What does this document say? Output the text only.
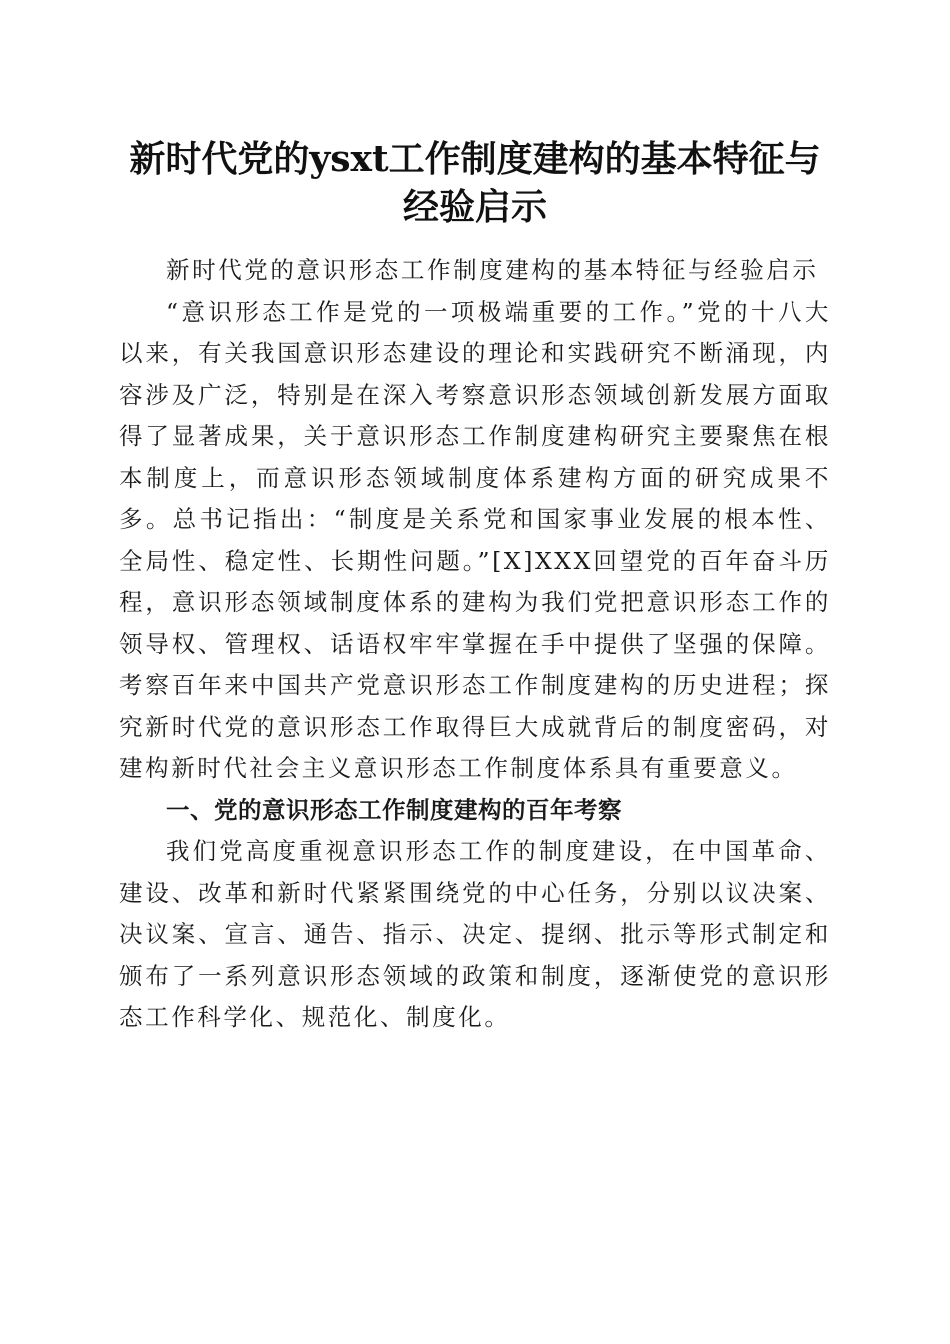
新时代党的ysxt工作制度建构的基本特征与
经验启示

新时代党的意识形态工作制度建构的基本特征与经验启示

“意识形态工作是党的一项极端重要的工作。”党的十八大以来，有关我国意识形态建设的理论和实践研究不断涌现，内容涉及广泛，特别是在深入考察意识形态领域创新发展方面取得了显著成果，关于意识形态工作制度建构研究主要聚焦在根本制度上，而意识形态领域制度体系建构方面的研究成果不多。总书记指出：“制度是关系党和国家事业发展的根本性、全局性、稳定性、长期性问题。”[X]XXX回望党的百年奋斗历程，意识形态领域制度体系的建构为我们党把意识形态工作的领导权、管理权、话语权牢牢掌握在手中提供了坚强的保障。考察百年来中国共产党意识形态工作制度建构的历史进程；探究新时代党的意识形态工作取得巨大成就背后的制度密码，对建构新时代社会主义意识形态工作制度体系具有重要意义。

一、党的意识形态工作制度建构的百年考察

我们党高度重视意识形态工作的制度建设，在中国革命、建设、改革和新时代紧紧围绕党的中心任务，分别以议决案、决议案、宣言、通告、指示、决定、提纲、批示等形式制定和颁布了一系列意识形态领域的政策和制度，逐渐使党的意识形态工作科学化、规范化、制度化。
